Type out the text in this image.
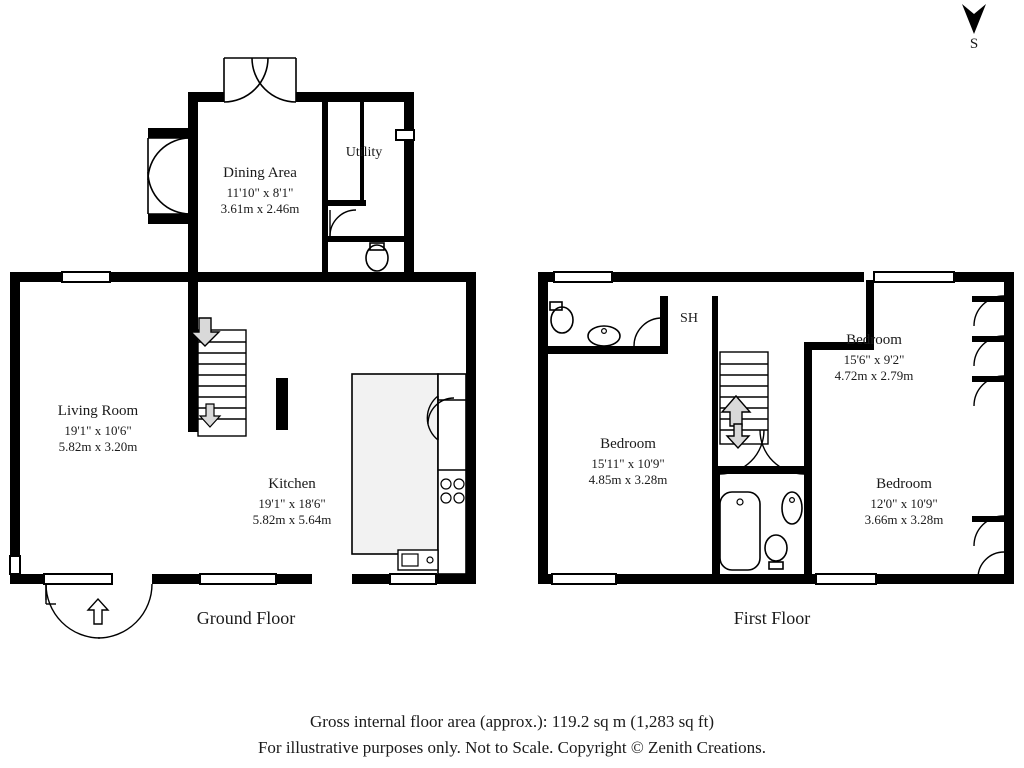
S
Dining Area
11'10" x 8'1"
3.61m x 2.46m
Utility
Living Room
19'1" x 10'6"
5.82m x 3.20m
Kitchen
19'1" x 18'6"
5.82m x 5.64m
Ground Floor
SH
Bedroom
15'6" x 9'2"
4.72m x 2.79m
Bedroom
15'11" x 10'9"
4.85m x 3.28m	Bedroom
12'0" x 10'9"
3.66m x 3.28m
First Floor
Gross internal floor area (approx.): 119.2 sq m (1,283 sq ft)
For illustrative purposes only. Not to Scale. Copyright © Zenith Creations.
